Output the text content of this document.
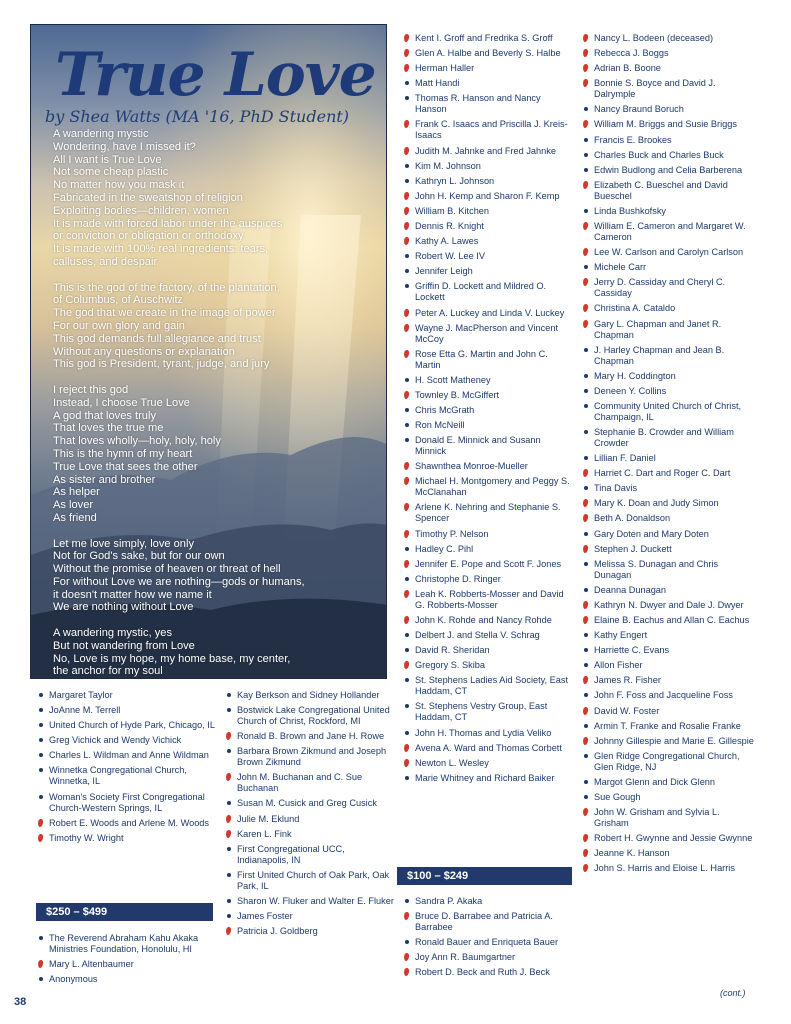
True Love
by Shea Watts (MA '16, PhD Student)
A wandering mystic
Wondering, have I missed it?
All I want is True Love
Not some cheap plastic
No matter how you mask it
Fabricated in the sweatshop of religion
Exploiting bodies—children, women
It is made with forced labor under the auspices
or conviction or obligation or orthodoxy
It is made with 100% real ingredients: tears,
calluses, and despair
This is the god of the factory, of the plantation,
of Columbus, of Auschwitz
The god that we create in the image of power
For our own glory and gain
This god demands full allegiance and trust
Without any questions or explanation
This god is President, tyrant, judge, and jury
I reject this god
Instead, I choose True Love
A god that loves truly
That loves the true me
That loves wholly—holy, holy, holy
This is the hymn of my heart
True Love that sees the other
As sister and brother
As helper
As lover
As friend
Let me love simply, love only
Not for God's sake, but for our own
Without the promise of heaven or threat of hell
For without Love we are nothing—gods or humans,
it doesn't matter how we name it
We are nothing without Love
A wandering mystic, yes
But not wandering from Love
No, Love is my hope, my home base, my center,
the anchor for my soul
Margaret Taylor
JoAnne M. Terrell
United Church of Hyde Park, Chicago, IL
Greg Vichick and Wendy Vichick
Charles L. Wildman and Anne Wildman
Winnetka Congregational Church, Winnetka, IL
Woman's Society First Congregational Church-Western Springs, IL
Robert E. Woods and Arlene M. Woods
Timothy W. Wright
$250 – $499
The Reverend Abraham Kahu Akaka Ministries Foundation, Honolulu, HI
Mary L. Altenbaumer
Anonymous
Kay Berkson and Sidney Hollander
Bostwick Lake Congregational United Church of Christ, Rockford, MI
Ronald B. Brown and Jane H. Rowe
Barbara Brown Zikmund and Joseph Brown Zikmund
John M. Buchanan and C. Sue Buchanan
Susan M. Cusick and Greg Cusick
Julie M. Eklund
Karen L. Fink
First Congregational UCC, Indianapolis, IN
First United Church of Oak Park, Oak Park, IL
Sharon W. Fluker and Walter E. Fluker
James Foster
Patricia J. Goldberg
Kent I. Groff and Fredrika S. Groff
Glen A. Halbe and Beverly S. Halbe
Herman Haller
Matt Handi
Thomas R. Hanson and Nancy Hanson
Frank C. Isaacs and Priscilla J. Kreis-Isaacs
Judith M. Jahnke and Fred Jahnke
Kim M. Johnson
Kathryn L. Johnson
John H. Kemp and Sharon F. Kemp
William B. Kitchen
Dennis R. Knight
Kathy A. Lawes
Robert W. Lee IV
Jennifer Leigh
Griffin D. Lockett and Mildred O. Lockett
Peter A. Luckey and Linda V. Luckey
Wayne J. MacPherson and Vincent McCoy
Rose Etta G. Martin and John C. Martin
H. Scott Matheney
Townley B. McGiffert
Chris McGrath
Ron McNeill
Donald E. Minnick and Susann Minnick
Shawnthea Monroe-Mueller
Michael H. Montgomery and Peggy S. McClanahan
Arlene K. Nehring and Stephanie S. Spencer
Timothy P. Nelson
Hadley C. Pihl
Jennifer E. Pope and Scott F. Jones
Christophe D. Ringer
Leah K. Robberts-Mosser and David G. Robberts-Mosser
John K. Rohde and Nancy Rohde
Delbert J. and Stella V. Schrag
David R. Sheridan
Gregory S. Skiba
St. Stephens Ladies Aid Society, East Haddam, CT
St. Stephens Vestry Group, East Haddam, CT
John H. Thomas and Lydia Veliko
Avena A. Ward and Thomas Corbett
Newton L. Wesley
Marie Whitney and Richard Baiker
$100 – $249
Sandra P. Akaka
Bruce D. Barrabee and Patricia A. Barrabee
Ronald Bauer and Enriqueta Bauer
Joy Ann R. Baumgartner
Robert D. Beck and Ruth J. Beck
Nancy L. Bodeen (deceased)
Rebecca J. Boggs
Adrian B. Boone
Bonnie S. Boyce and David J. Dalrymple
Nancy Braund Boruch
William M. Briggs and Susie Briggs
Francis E. Brookes
Charles Buck and Charles Buck
Edwin Budlong and Celia Barberena
Elizabeth C. Bueschel and David Bueschel
Linda Bushkofsky
William E. Cameron and Margaret W. Cameron
Lee W. Carlson and Carolyn Carlson
Michele Carr
Jerry D. Cassiday and Cheryl C. Cassiday
Christina A. Cataldo
Gary L. Chapman and Janet R. Chapman
J. Harley Chapman and Jean B. Chapman
Mary H. Coddington
Deneen Y. Collins
Community United Church of Christ, Champaign, IL
Stephanie B. Crowder and William Crowder
Lillian F. Daniel
Harriet C. Dart and Roger C. Dart
Tina Davis
Mary K. Doan and Judy Simon
Beth A. Donaldson
Gary Doten and Mary Doten
Stephen J. Duckett
Melissa S. Dunagan and Chris Dunagan
Deanna Dunagan
Kathryn N. Dwyer and Dale J. Dwyer
Elaine B. Eachus and Allan C. Eachus
Kathy Engert
Harriette C. Evans
Allon Fisher
James R. Fisher
John F. Foss and Jacqueline Foss
David W. Foster
Armin T. Franke and Rosalie Franke
Johnny Gillespie and Marie E. Gillespie
Glen Ridge Congregational Church, Glen Ridge, NJ
Margot Glenn and Dick Glenn
Sue Gough
John W. Grisham and Sylvia L. Grisham
Robert H. Gwynne and Jessie Gwynne
Jeanne K. Hanson
John S. Harris and Eloise L. Harris
38
(cont.)
